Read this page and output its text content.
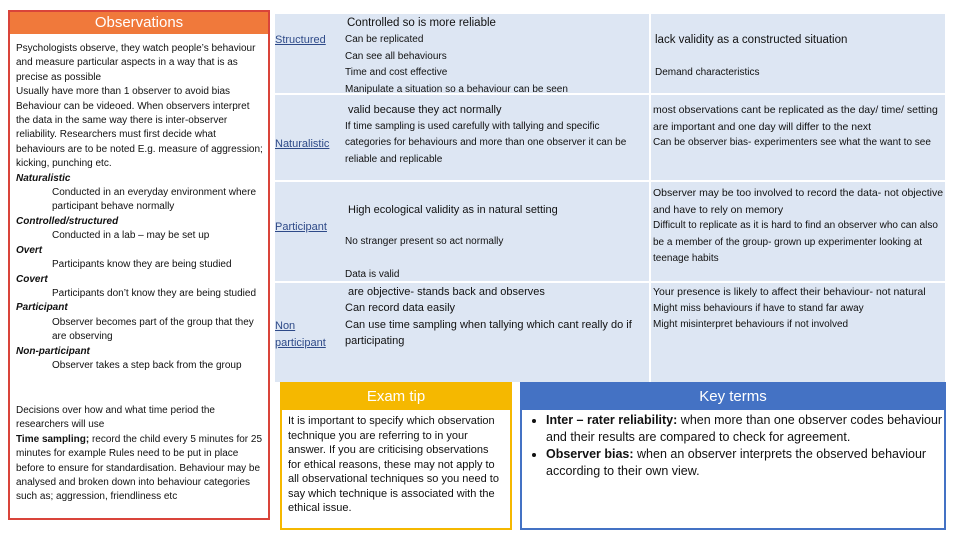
Observations

Psychologists observe, they watch people’s behaviour and measure particular aspects in a way that is as precise as possible

Usually have more than 1 observer to avoid bias

Behaviour can be videoed. When observers interpret the data in the same way there is inter-observer reliability. Researchers must first decide what behaviours are to be noted E.g. measure of aggression; kicking, punching etc.

Naturalistic

Conducted in an everyday environment where participant behave normally

Controlled/structured

Conducted in a lab – may be set up

Overt

Participants know they are being studied

Covert

Participants don’t know they are being studied

Participant

Observer becomes part of the group that they are observing

Non-participant

Observer takes a step back from the group

Decisions over how and what time period the researchers will use

Time sampling; record the child every 5 minutes for 25 minutes for example Rules need to be put in place before to ensure for standardisation. Behaviour may be analysed and broken down into behaviour categories such as; aggression, friendliness etc

Structured
Controlled so is more reliable

Can be replicated

Can see all behaviours

Time and cost effective

Manipulate a situation so a behaviour can be seen

lack validity as a constructed situation

Demand characteristics

Naturalistic

valid because they act normally

If time sampling is used carefully with tallying and specific categories for behaviours and more than one observer it can be reliable and replicable

most observations cant be replicated as the day/ time/ setting are important and one day will differ to the next

Can be observer bias- experimenters see what the want to see

Participant

High ecological validity as in natural setting

No stranger present so act normally

Observer may be too involved to record the data- not objective and have to rely on memory

Difficult to replicate as it is hard to find an observer who can also be a member of the group- grown up experimenter looking at teenage habits

Non participant

Data is valid

are objective- stands back and observes

Can record data easily

Can use time sampling when tallying which cant really do if participating

Your presence is likely to affect their behaviour- not natural

Might miss behaviours if have to stand far away

Might misinterpret behaviours if not involved

Exam tip
It is important to specify which observation technique you are referring to in your answer. If you are criticising observations for ethical reasons, these may not apply to all observational techniques so you need to say which technique is associated with the ethical issue.
Key terms
• Inter – rater reliability: when more than one observer codes behaviour and their results are compared to check for agreement.
• Observer bias: when an observer interprets the observed behaviour according to their own view.
